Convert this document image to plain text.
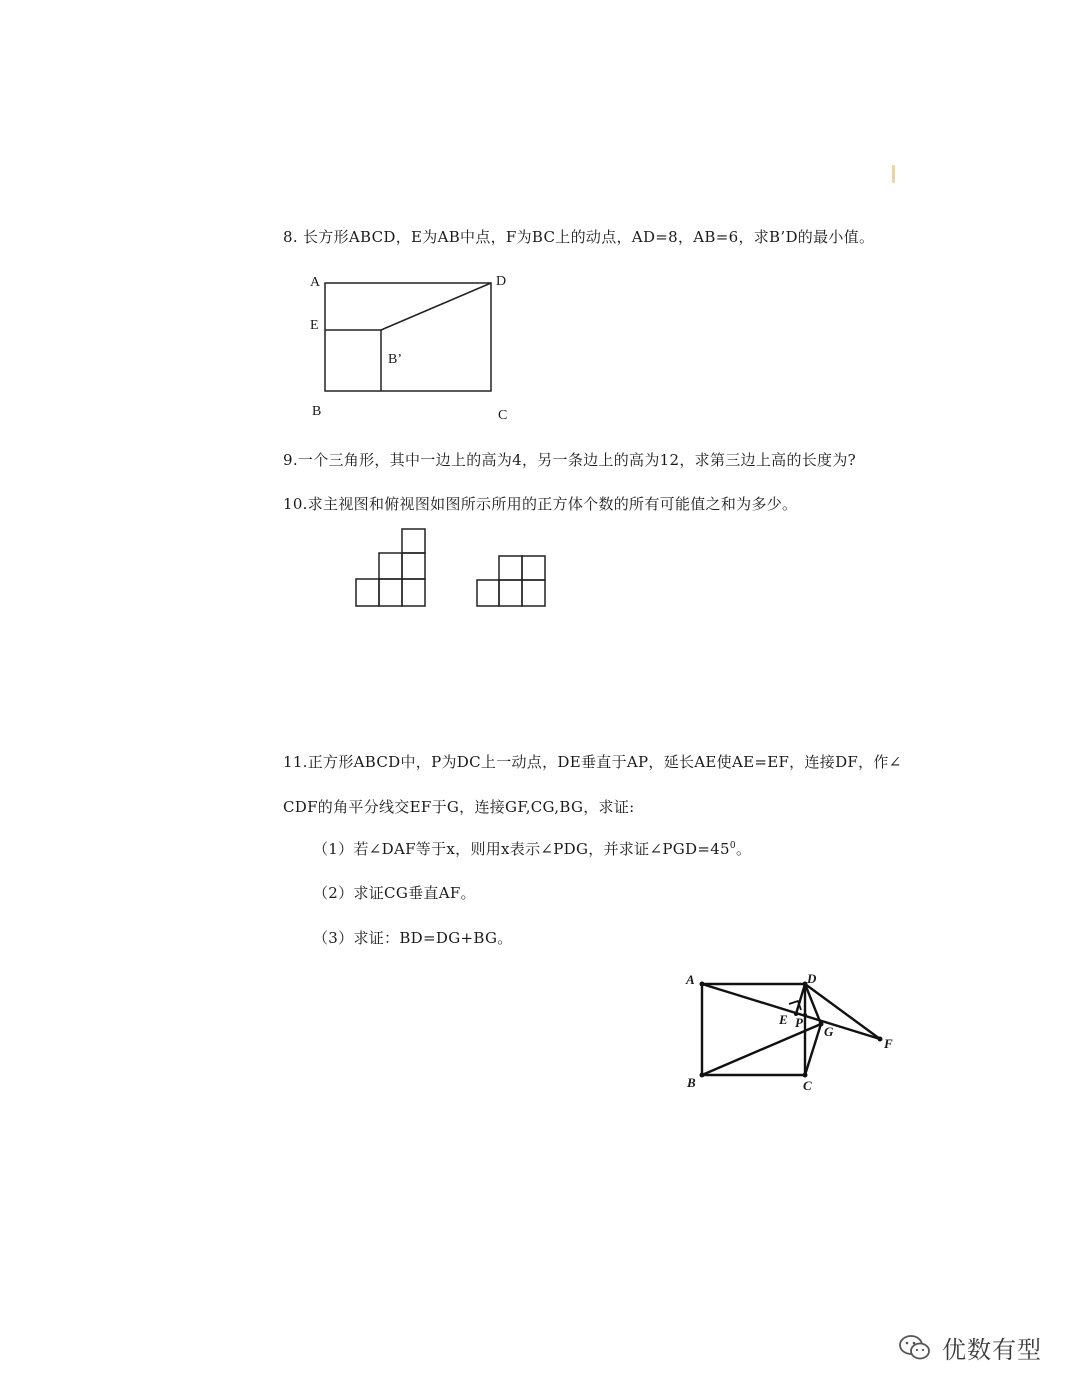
8. 长方形ABCD，E为AB中点，F为BC上的动点，AD=8，AB=6，求B’D的最小值。

A	D
E
B’
B	C

9.一个三角形，其中一边上的高为4，另一条边上的高为12，求第三边上高的长度为?

10.求主视图和俯视图如图所示所用的正方体个数的所有可能值之和为多少。

11.正方形ABCD中，P为DC上一动点，DE垂直于AP，延长AE使AE=EF，连接DF，作∠

CDF的角平分线交EF于G，连接GF,CG,BG，求证:

（1）若∠DAF等于x，则用x表示∠PDG，并求证$\angle PGD=45^0$。

（2）求证CG垂直AF。

（3）求证：BD=DG+BG。

A	D
E P
G
F
B	C
优数有型
